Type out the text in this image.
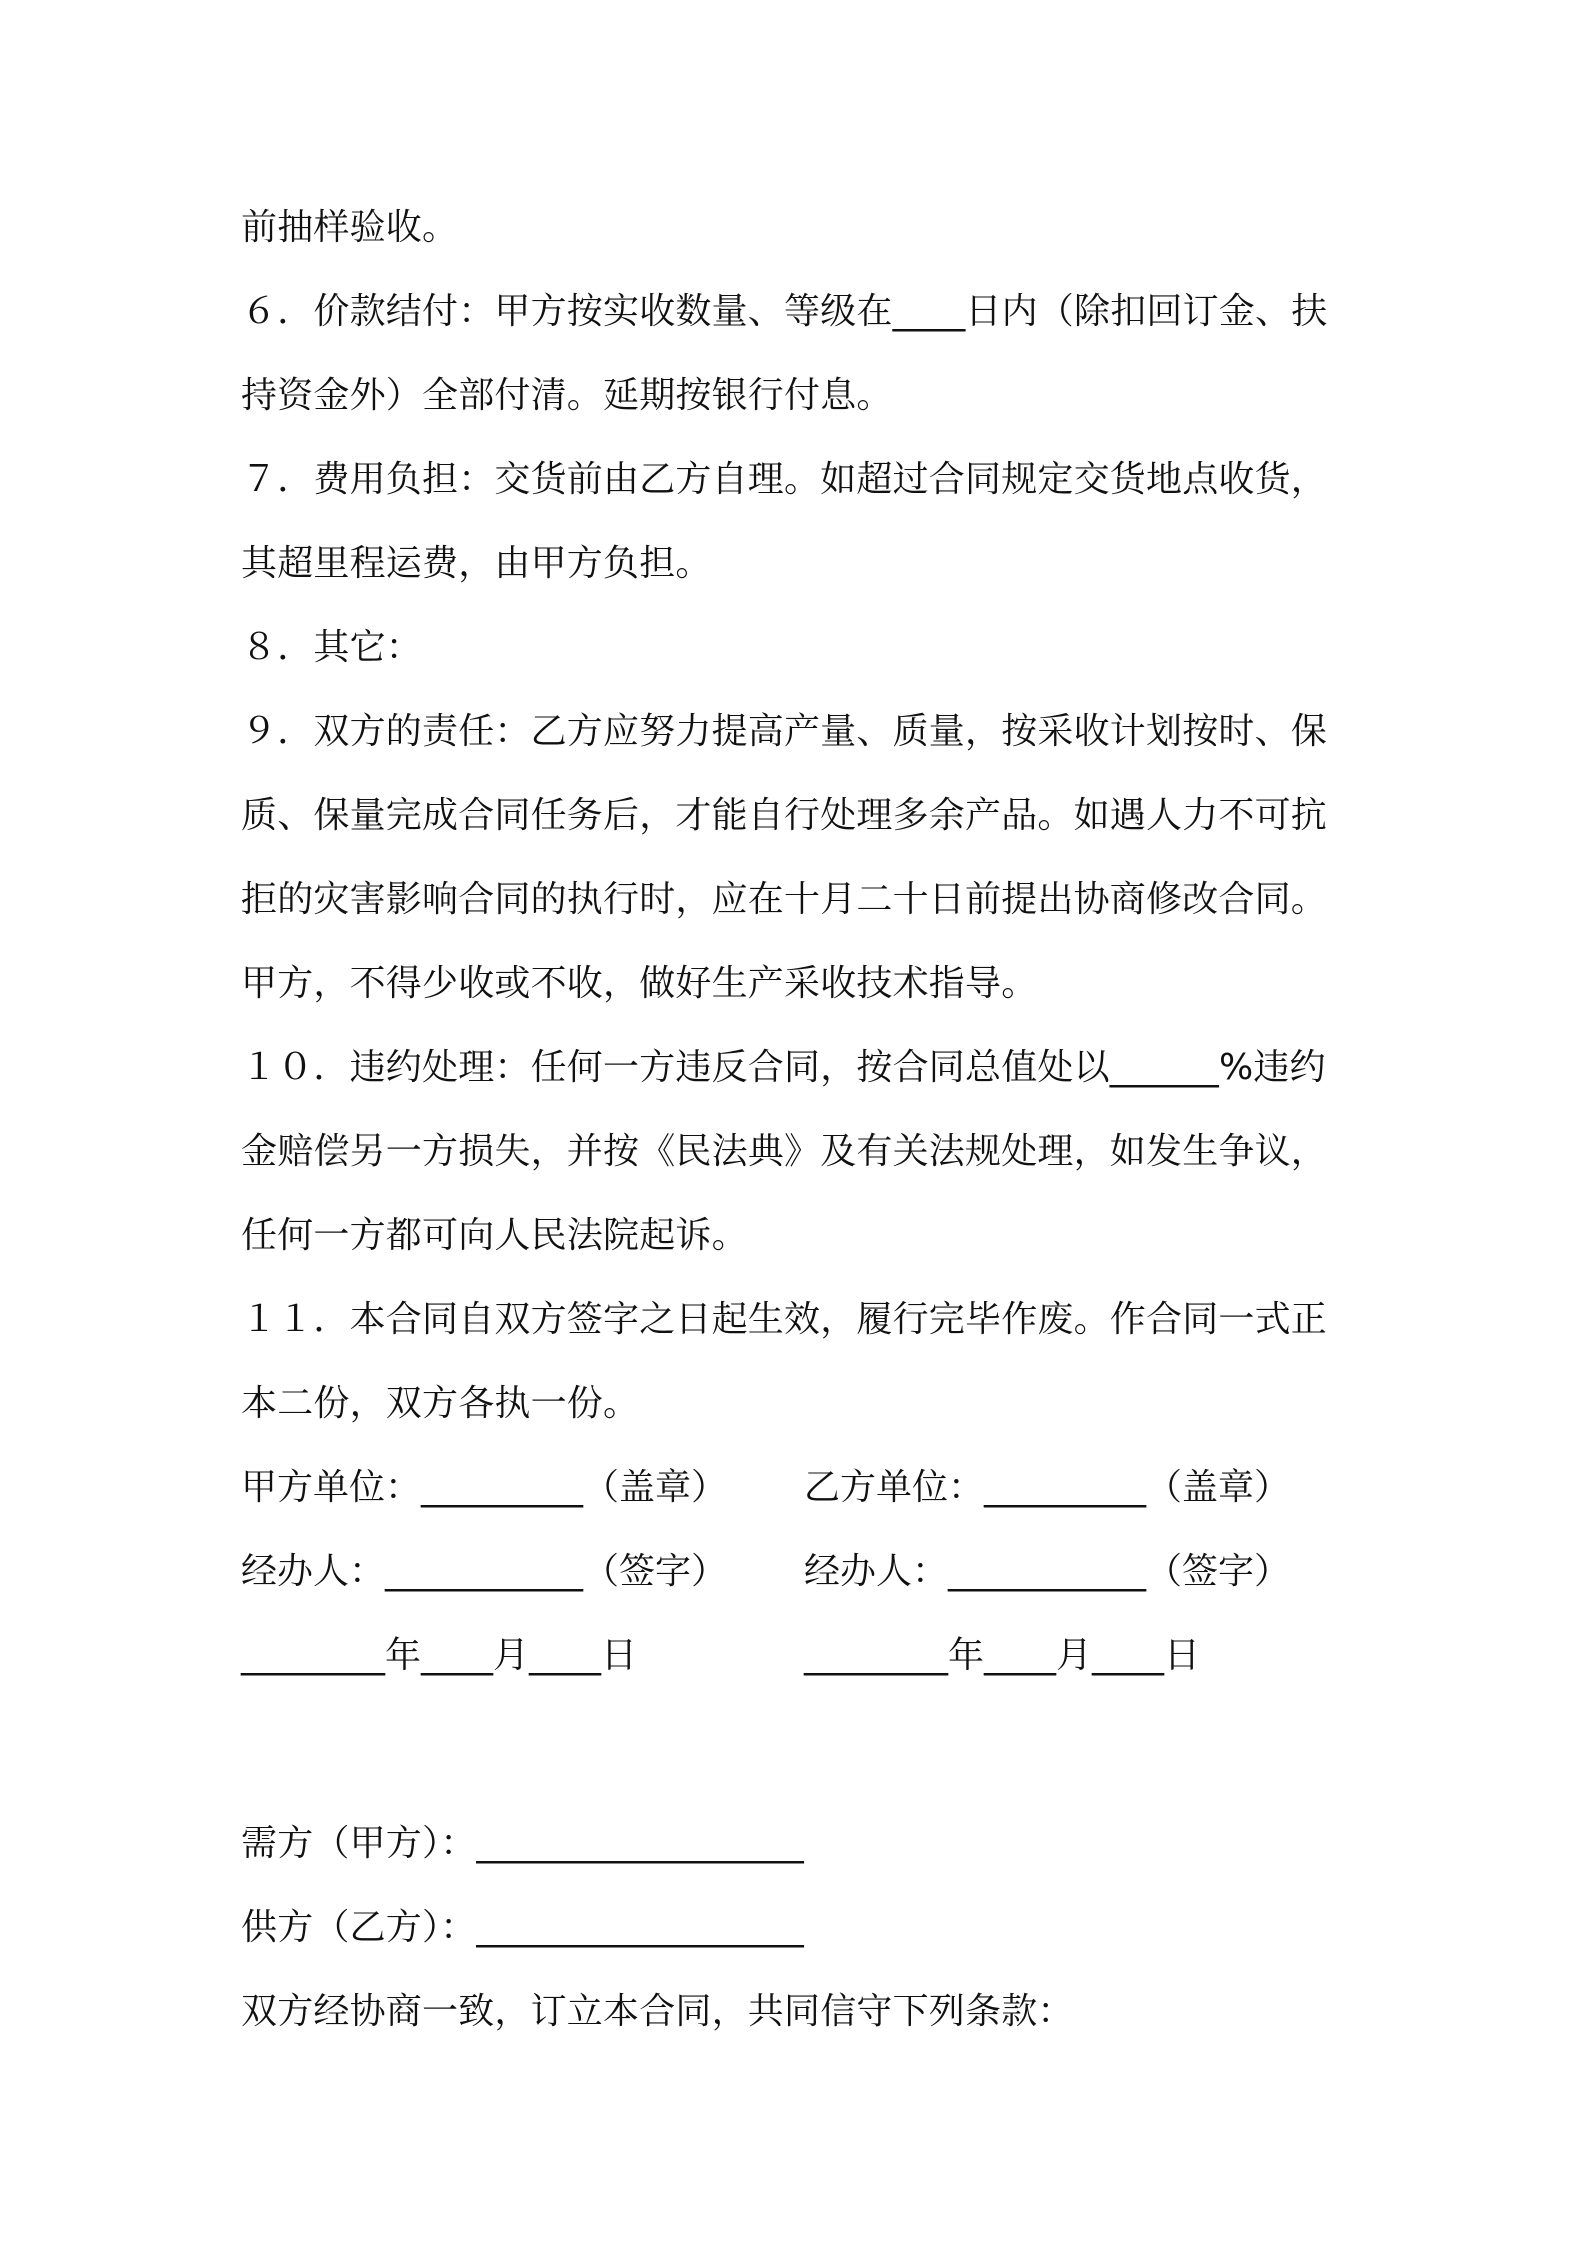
前抽样验收。

６．价款结付：甲方按实收数量、等级在____日内（除扣回订金、扶持资金外）全部付清。延期按银行付息。

７．费用负担：交货前由乙方自理。如超过合同规定交货地点收货，其超里程运费，由甲方负担。

８．其它：

９．双方的责任：乙方应努力提高产量、质量，按采收计划按时、保质、保量完成合同任务后，才能自行处理多余产品。如遇人力不可抗拒的灾害影响合同的执行时，应在十月二十日前提出协商修改合同。甲方，不得少收或不收，做好生产采收技术指导。

１０．违约处理：任何一方违反合同，按合同总值处以______%违约金赔偿另一方损失，并按《民法典》及有关法规处理，如发生争议，任何一方都可向人民法院起诉。

１１．本合同自双方签字之日起生效，履行完毕作废。作合同一式正本二份，双方各执一份。

甲方单位：_________（盖章）

乙方单位：_________（盖章）

经办人：___________（签字）

经办人：___________（签字）

________年____月____日

	________年____月____日

需方（甲方）：__________________

供方（乙方）：__________________

双方经协商一致，订立本合同，共同信守下列条款：
